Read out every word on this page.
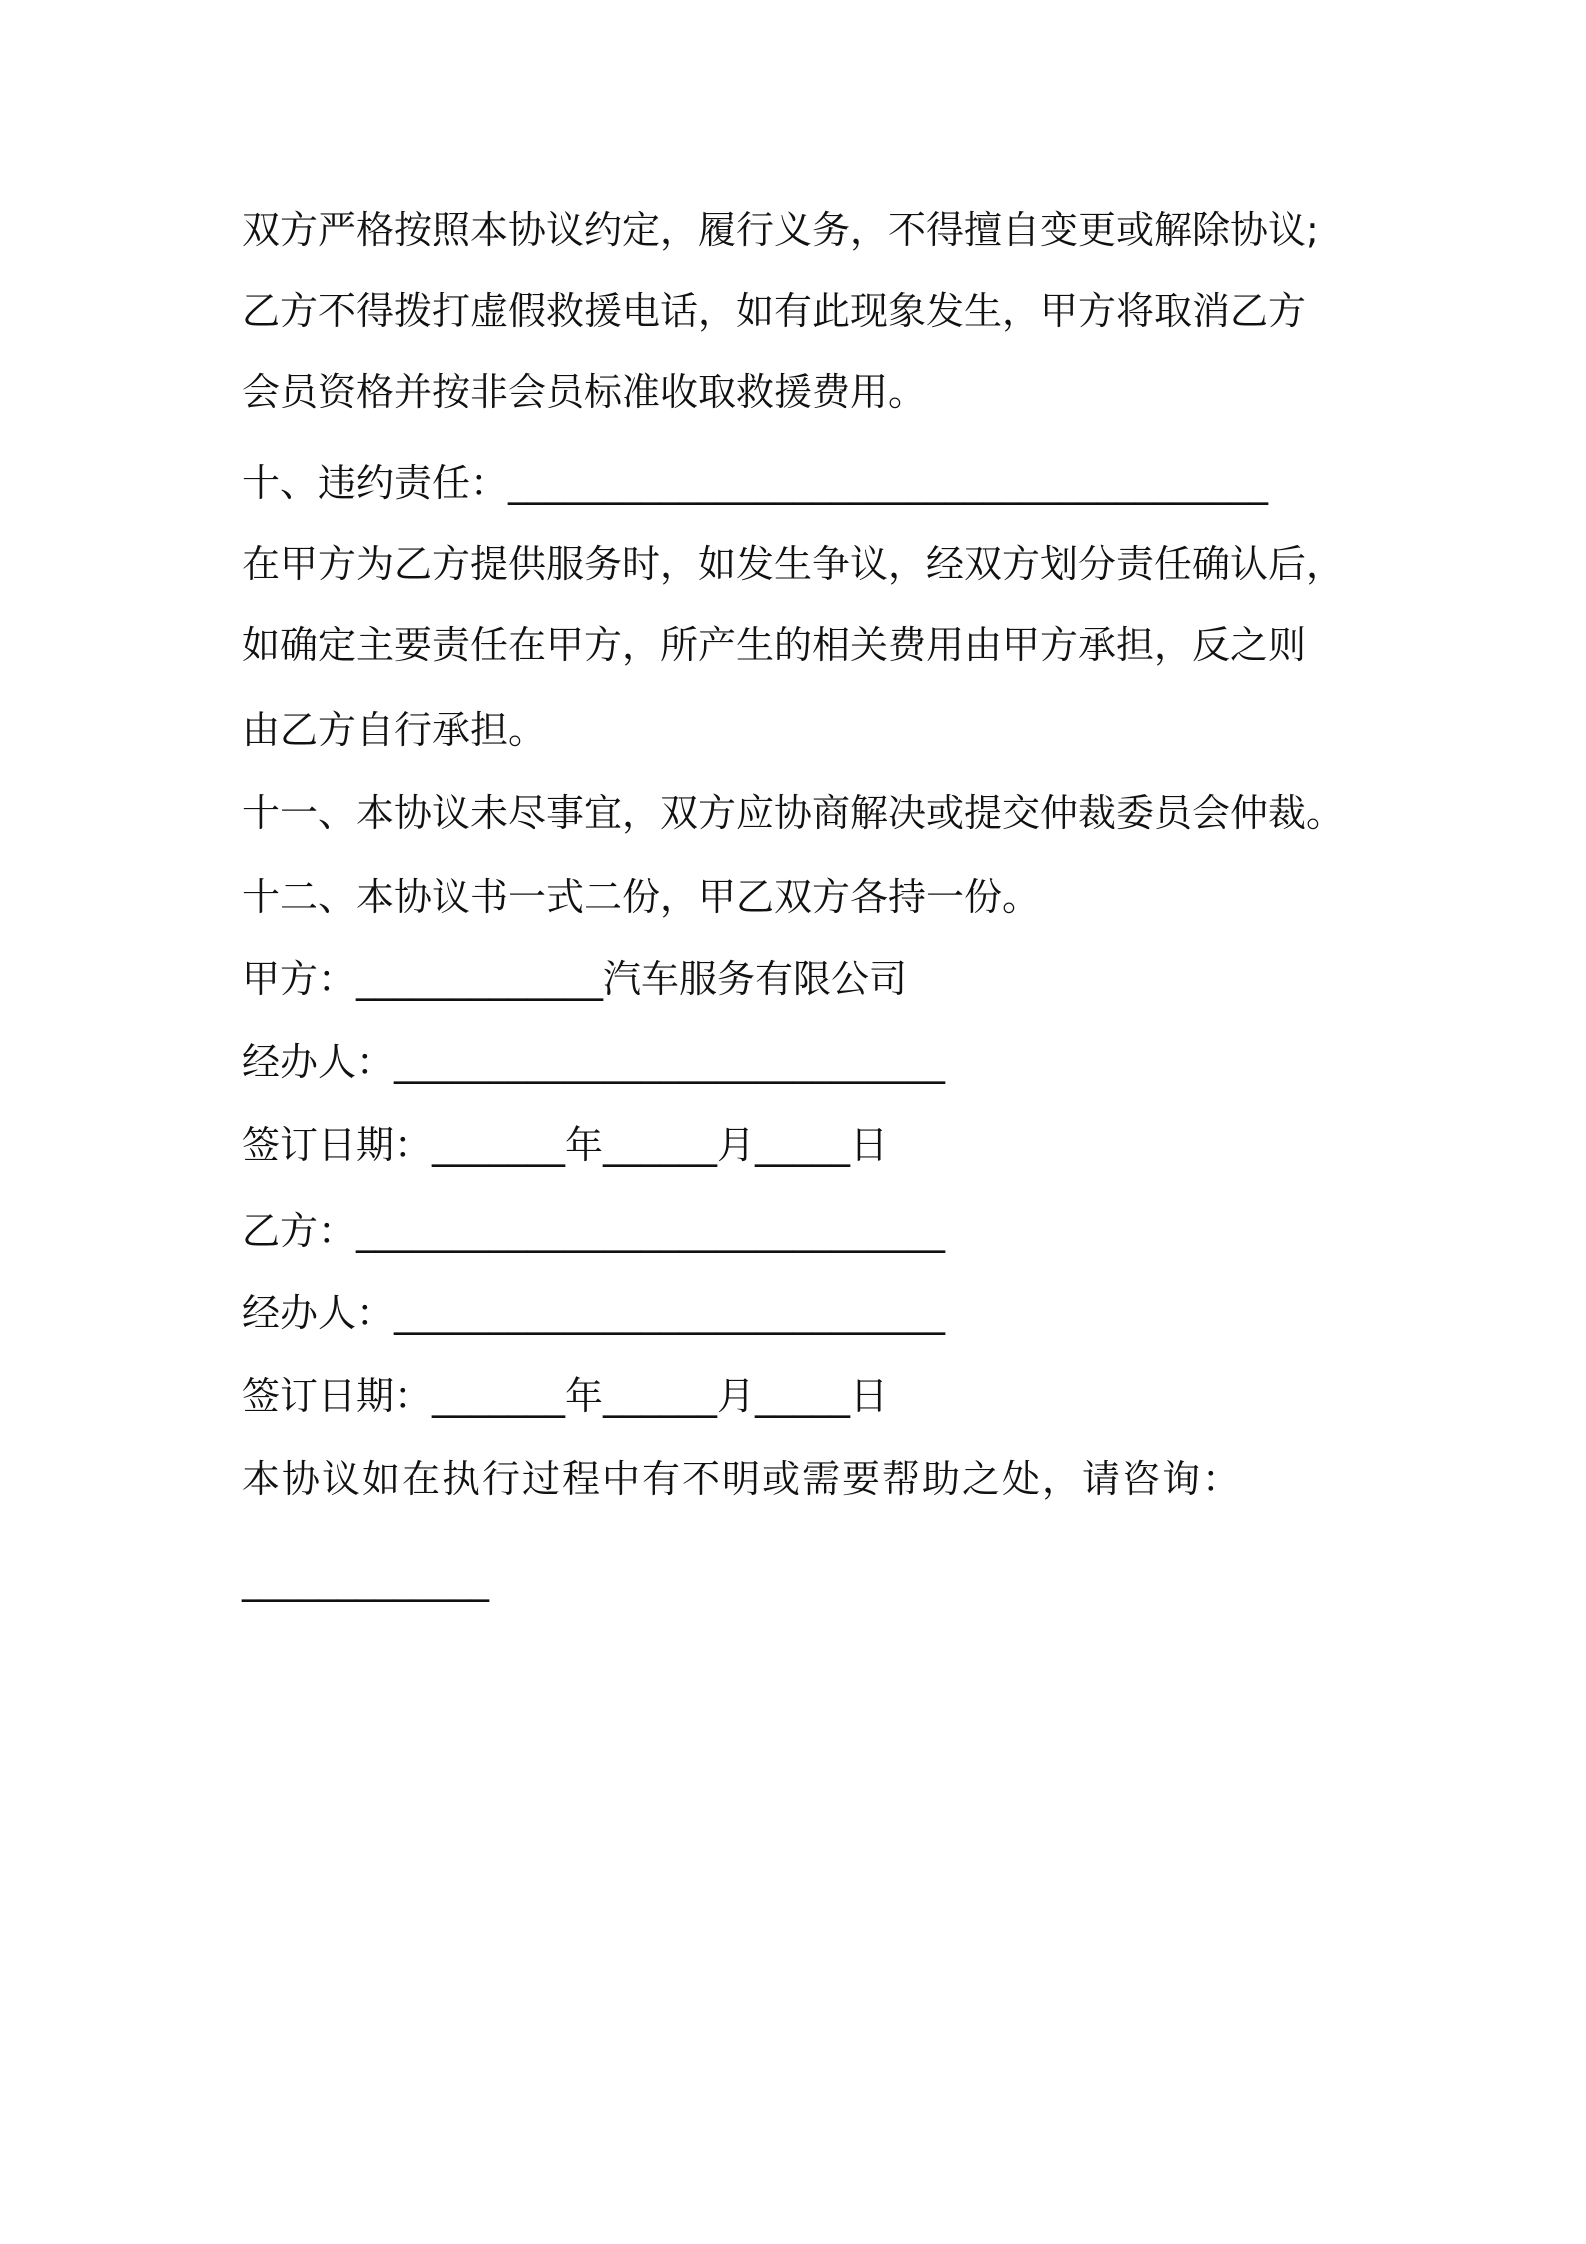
双方严格按照本协议约定，履行义务，不得擅自变更或解除协议;
乙方不得拨打虚假救援电话，如有此现象发生，甲方将取消乙方
会员资格并按非会员标准收取救援费用。
十、违约责任：________________________________________
在甲方为乙方提供服务时，如发生争议，经双方划分责任确认后，
如确定主要责任在甲方，所产生的相关费用由甲方承担，反之则
由乙方自行承担。
十一、本协议未尽事宜，双方应协商解决或提交仲裁委员会仲裁。
十二、本协议书一式二份，甲乙双方各持一份。
甲方：_____________汽车服务有限公司
经办人：_____________________________
签订日期：_______年______月_____日
乙方：_______________________________
经办人：_____________________________
签订日期：_______年______月_____日
本协议如在执行过程中有不明或需要帮助之处，请咨询：
_____________
